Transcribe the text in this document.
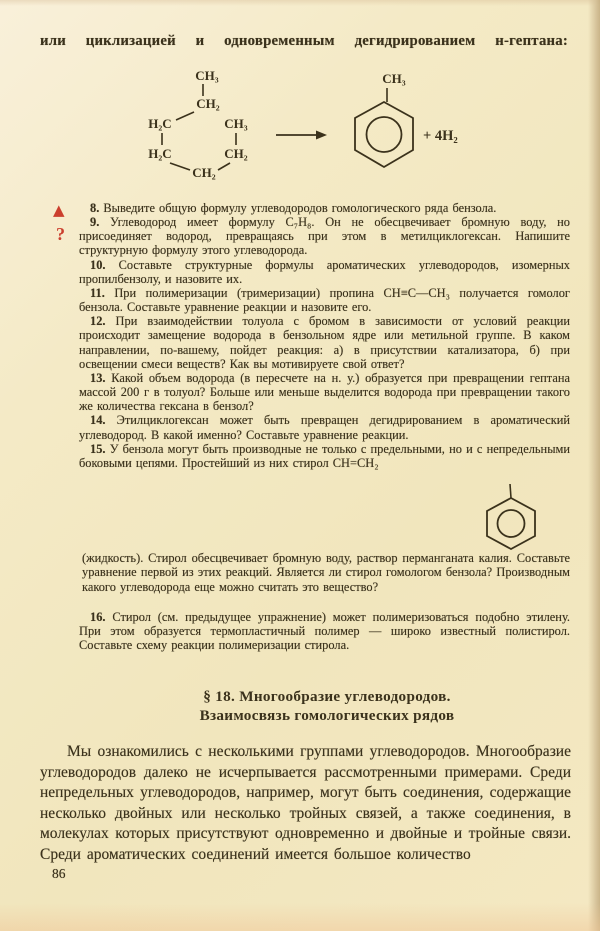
или циклизацией и одновременным дегидрированием н-гептана:

CH₃
CH₂
H₂C	CH₃
H₂C	CH₂
CH₂
CH₃
+ 4H₂
▲
?

8. Выведите общую формулу углеводородов гомологического ряда бензола.

9. Углеводород имеет формулу C₇H₈. Он не обесцвечивает бромную воду, но присоединяет водород, превращаясь при этом в метилциклогексан. Напишите структурную формулу этого углеводорода.

10. Составьте структурные формулы ароматических углеводородов, изомерных пропилбензолу, и назовите их.

11. При полимеризации (тримеризации) пропина CH≡C—CH₃ получается гомолог бензола. Составьте уравнение реакции и назовите его.

12. При взаимодействии толуола с бромом в зависимости от условий реакции происходит замещение водорода в бензольном ядре или метильной группе. В каком направлении, по-вашему, пойдет реакция: а) в присутствии катализатора, б) при освещении смеси веществ? Как вы мотивируете свой ответ?

13. Какой объем водорода (в пересчете на н. у.) образуется при превращении гептана массой 200 г в толуол? Больше или меньше выделится водорода при превращении такого же количества гексана в бензол?

14. Этилциклогексан может быть превращен дегидрированием в ароматический углеводород. В какой именно? Составьте уравнение реакции.

15. У бензола могут быть производные не только с предельными, но и с непредельными боковыми цепями. Простейший из них стирол CH=CH₂

(жидкость). Стирол обесцвечивает бромную воду, раствор перманганата калия. Составьте уравнение первой из этих реакций. Является ли стирол гомологом бензола? Производным какого углеводорода еще можно считать это вещество?

16. Стирол (см. предыдущее упражнение) может полимеризоваться подобно этилену. При этом образуется термопластичный полимер — широко известный полистирол. Составьте схему реакции полимеризации стирола.

§ 18. Многообразие углеводородов.
Взаимосвязь гомологических рядов

Мы ознакомились с несколькими группами углеводородов. Многообразие углеводородов далеко не исчерпывается рассмотренными примерами. Среди непредельных углеводородов, например, могут быть соединения, содержащие несколько двойных или несколько тройных связей, а также соединения, в молекулах которых присутствуют одновременно и двойные и тройные связи. Среди ароматических соединений имеется большое количество

86
